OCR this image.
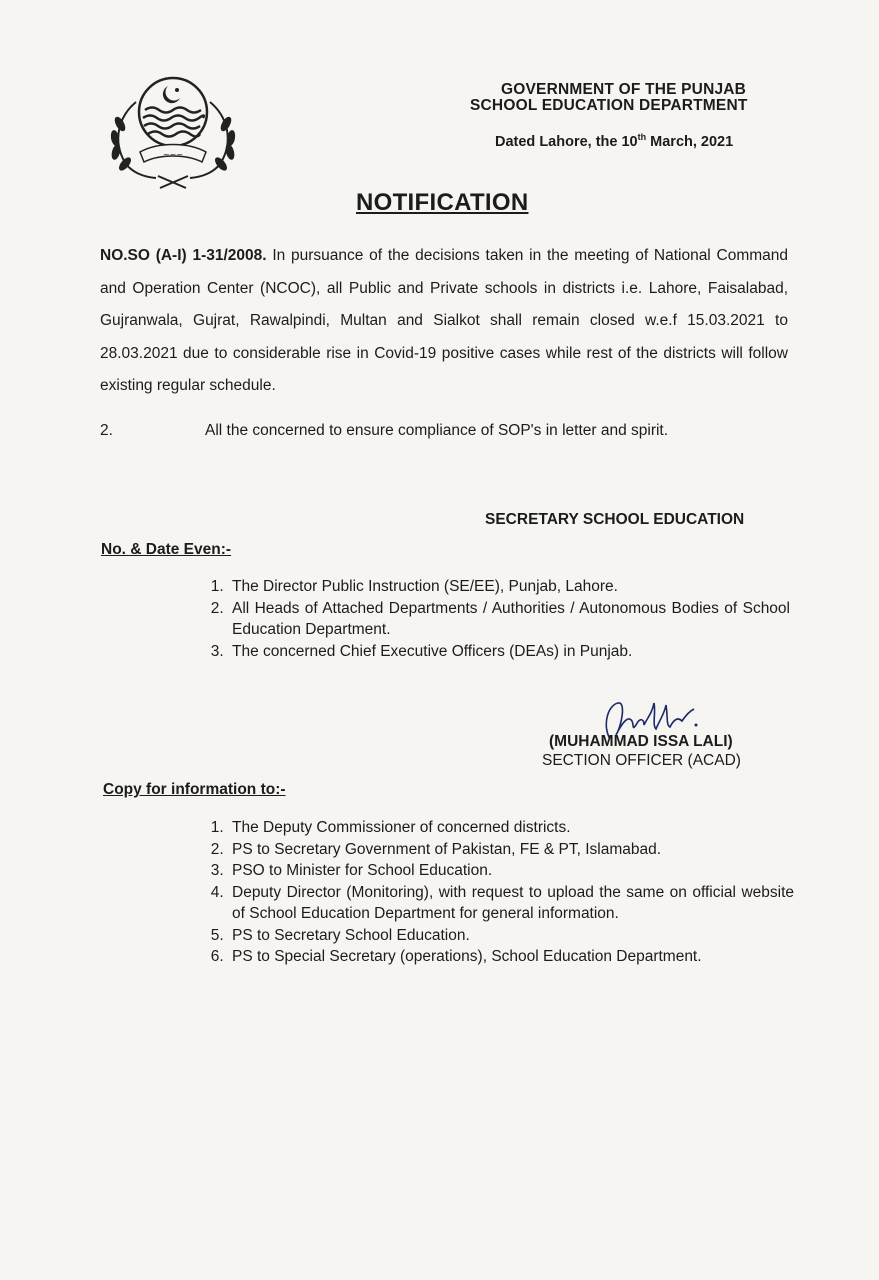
~~~
GOVERNMENT OF THE PUNJAB
SCHOOL EDUCATION DEPARTMENT
Dated Lahore, the 10th March, 2021
NOTIFICATION
NO.SO (A-I) 1-31/2008. In pursuance of the decisions taken in the meeting of National Command and Operation Center (NCOC), all Public and Private schools in districts i.e. Lahore, Faisalabad, Gujranwala, Gujrat, Rawalpindi, Multan and Sialkot shall remain closed w.e.f 15.03.2021 to 28.03.2021 due to considerable rise in Covid-19 positive cases while rest of the districts will follow existing regular schedule.
2.	All the concerned to ensure compliance of SOP's in letter and spirit.
SECRETARY SCHOOL EDUCATION
No. & Date Even:-
1. The Director Public Instruction (SE/EE), Punjab, Lahore.
2. All Heads of Attached Departments / Authorities / Autonomous Bodies of School Education Department.
3. The concerned Chief Executive Officers (DEAs) in Punjab.
(MUHAMMAD ISSA LALI)
SECTION OFFICER (ACAD)
Copy for information to:-
1. The Deputy Commissioner of concerned districts.
2. PS to Secretary Government of Pakistan, FE & PT, Islamabad.
3. PSO to Minister for School Education.
4. Deputy Director (Monitoring), with request to upload the same on official website of School Education Department for general information.
5. PS to Secretary School Education.
6. PS to Special Secretary (operations), School Education Department.
